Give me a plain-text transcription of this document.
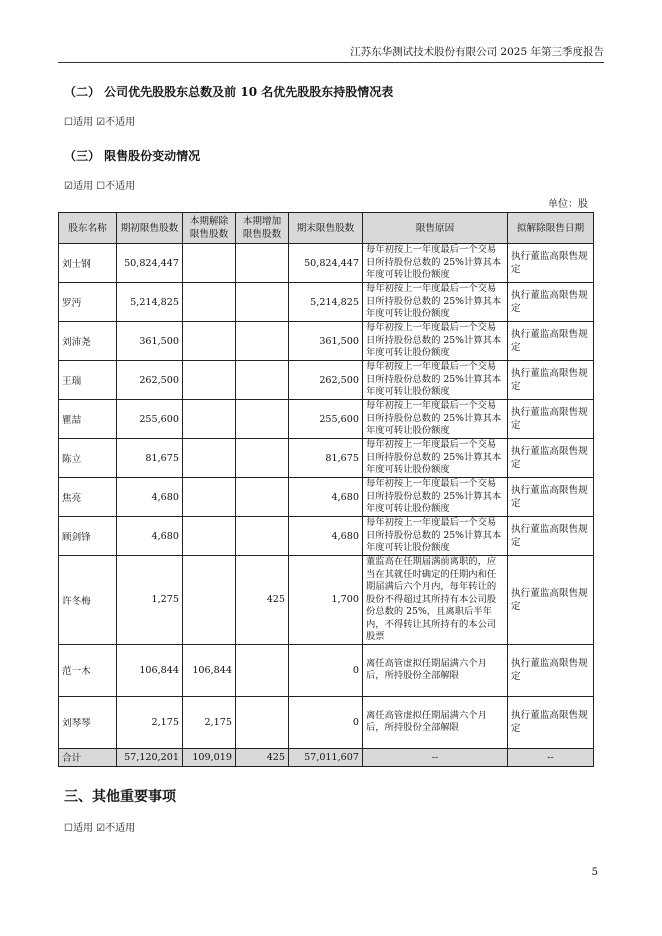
江苏东华测试技术股份有限公司 2025 年第三季度报告
（二） 公司优先股股东总数及前 10 名优先股股东持股情况表
☐适用 ☑不适用
（三） 限售股份变动情况
☑适用 ☐不适用
单位：股
股东名称	期初限售股数	本期解除限售股数	本期增加限售股数	期末限售股数	限售原因	拟解除限售日期
刘士钢	50,824,447			50,824,447	每年初按上一年度最后一个交易日所持股份总数的 25%计算其本年度可转让股份额度	执行董监高限售规定
罗沔	5,214,825			5,214,825	每年初按上一年度最后一个交易日所持股份总数的 25%计算其本年度可转让股份额度	执行董监高限售规定
刘沛尧	361,500			361,500	每年初按上一年度最后一个交易日所持股份总数的 25%计算其本年度可转让股份额度	执行董监高限售规定
王瑞	262,500			262,500	每年初按上一年度最后一个交易日所持股份总数的 25%计算其本年度可转让股份额度	执行董监高限售规定
瞿喆	255,600			255,600	每年初按上一年度最后一个交易日所持股份总数的 25%计算其本年度可转让股份额度	执行董监高限售规定
陈立	81,675			81,675	每年初按上一年度最后一个交易日所持股份总数的 25%计算其本年度可转让股份额度	执行董监高限售规定
焦亮	4,680			4,680	每年初按上一年度最后一个交易日所持股份总数的 25%计算其本年度可转让股份额度	执行董监高限售规定
顾剑锋	4,680			4,680	每年初按上一年度最后一个交易日所持股份总数的 25%计算其本年度可转让股份额度	执行董监高限售规定
许冬梅	1,275		425	1,700	董监高在任期届满前离职的，应当在其就任时确定的任期内和任期届满后六个月内，每年转让的股份不得超过其所持有本公司股份总数的 25%，且离职后半年内，不得转让其所持有的本公司股票	执行董监高限售规定
范一木	106,844	106,844		0	离任高管虚拟任期届满六个月后，所持股份全部解限	执行董监高限售规定
刘琴琴	2,175	2,175		0	离任高管虚拟任期届满六个月后，所持股份全部解限	执行董监高限售规定
合计	57,120,201	109,019	425	57,011,607	--	--
三、其他重要事项
☐适用 ☑不适用
5
